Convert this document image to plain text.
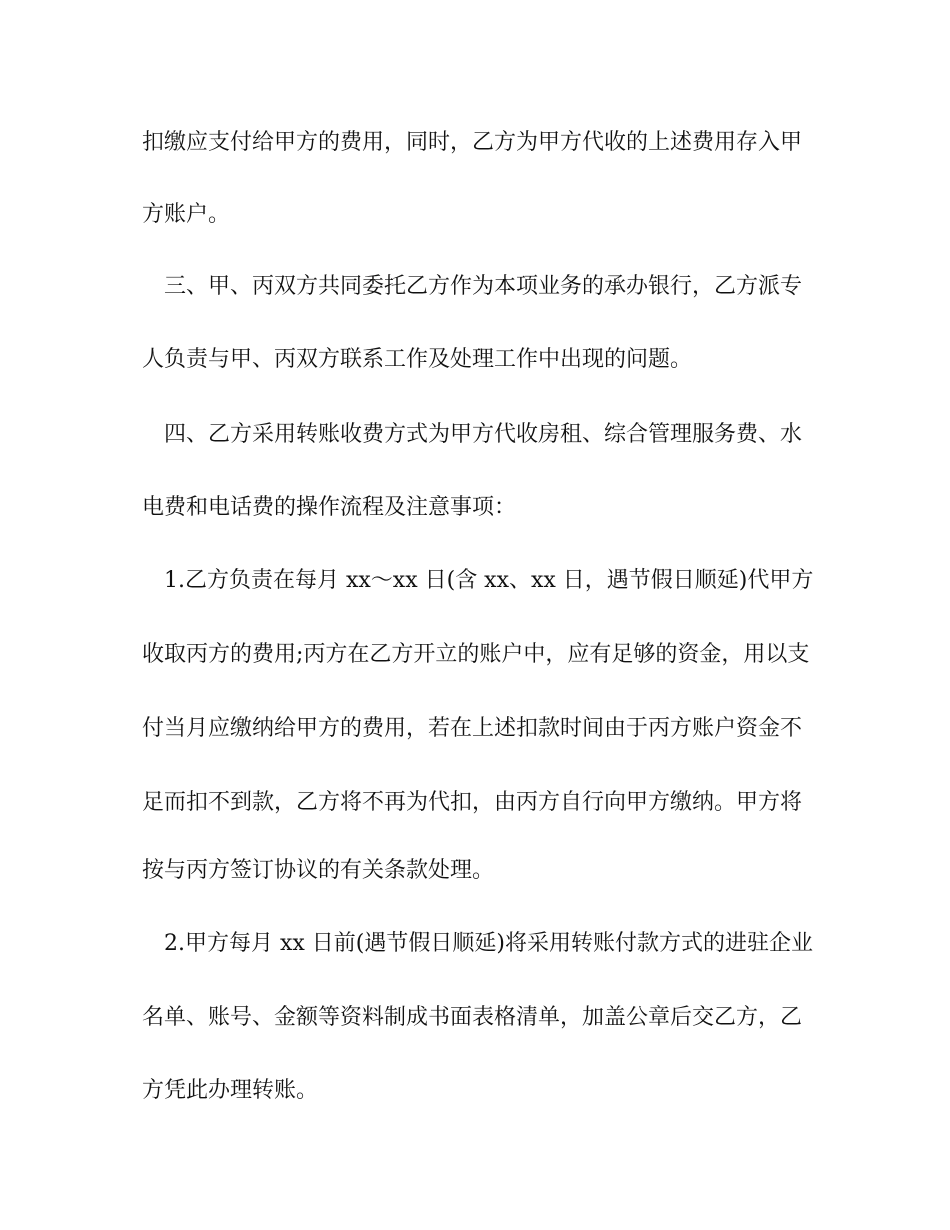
扣缴应支付给甲方的费用，同时，乙方为甲方代收的上述费用存入甲
方账户。
三、甲、丙双方共同委托乙方作为本项业务的承办银行，乙方派专
人负责与甲、丙双方联系工作及处理工作中出现的问题。
四、乙方采用转账收费方式为甲方代收房租、综合管理服务费、水
电费和电话费的操作流程及注意事项：
1.乙方负责在每月 xx～xx 日(含 xx、xx 日，遇节假日顺延)代甲方
收取丙方的费用;丙方在乙方开立的账户中，应有足够的资金，用以支
付当月应缴纳给甲方的费用，若在上述扣款时间由于丙方账户资金不
足而扣不到款，乙方将不再为代扣，由丙方自行向甲方缴纳。甲方将
按与丙方签订协议的有关条款处理。
2.甲方每月 xx 日前(遇节假日顺延)将采用转账付款方式的进驻企业
名单、账号、金额等资料制成书面表格清单，加盖公章后交乙方，乙
方凭此办理转账。
